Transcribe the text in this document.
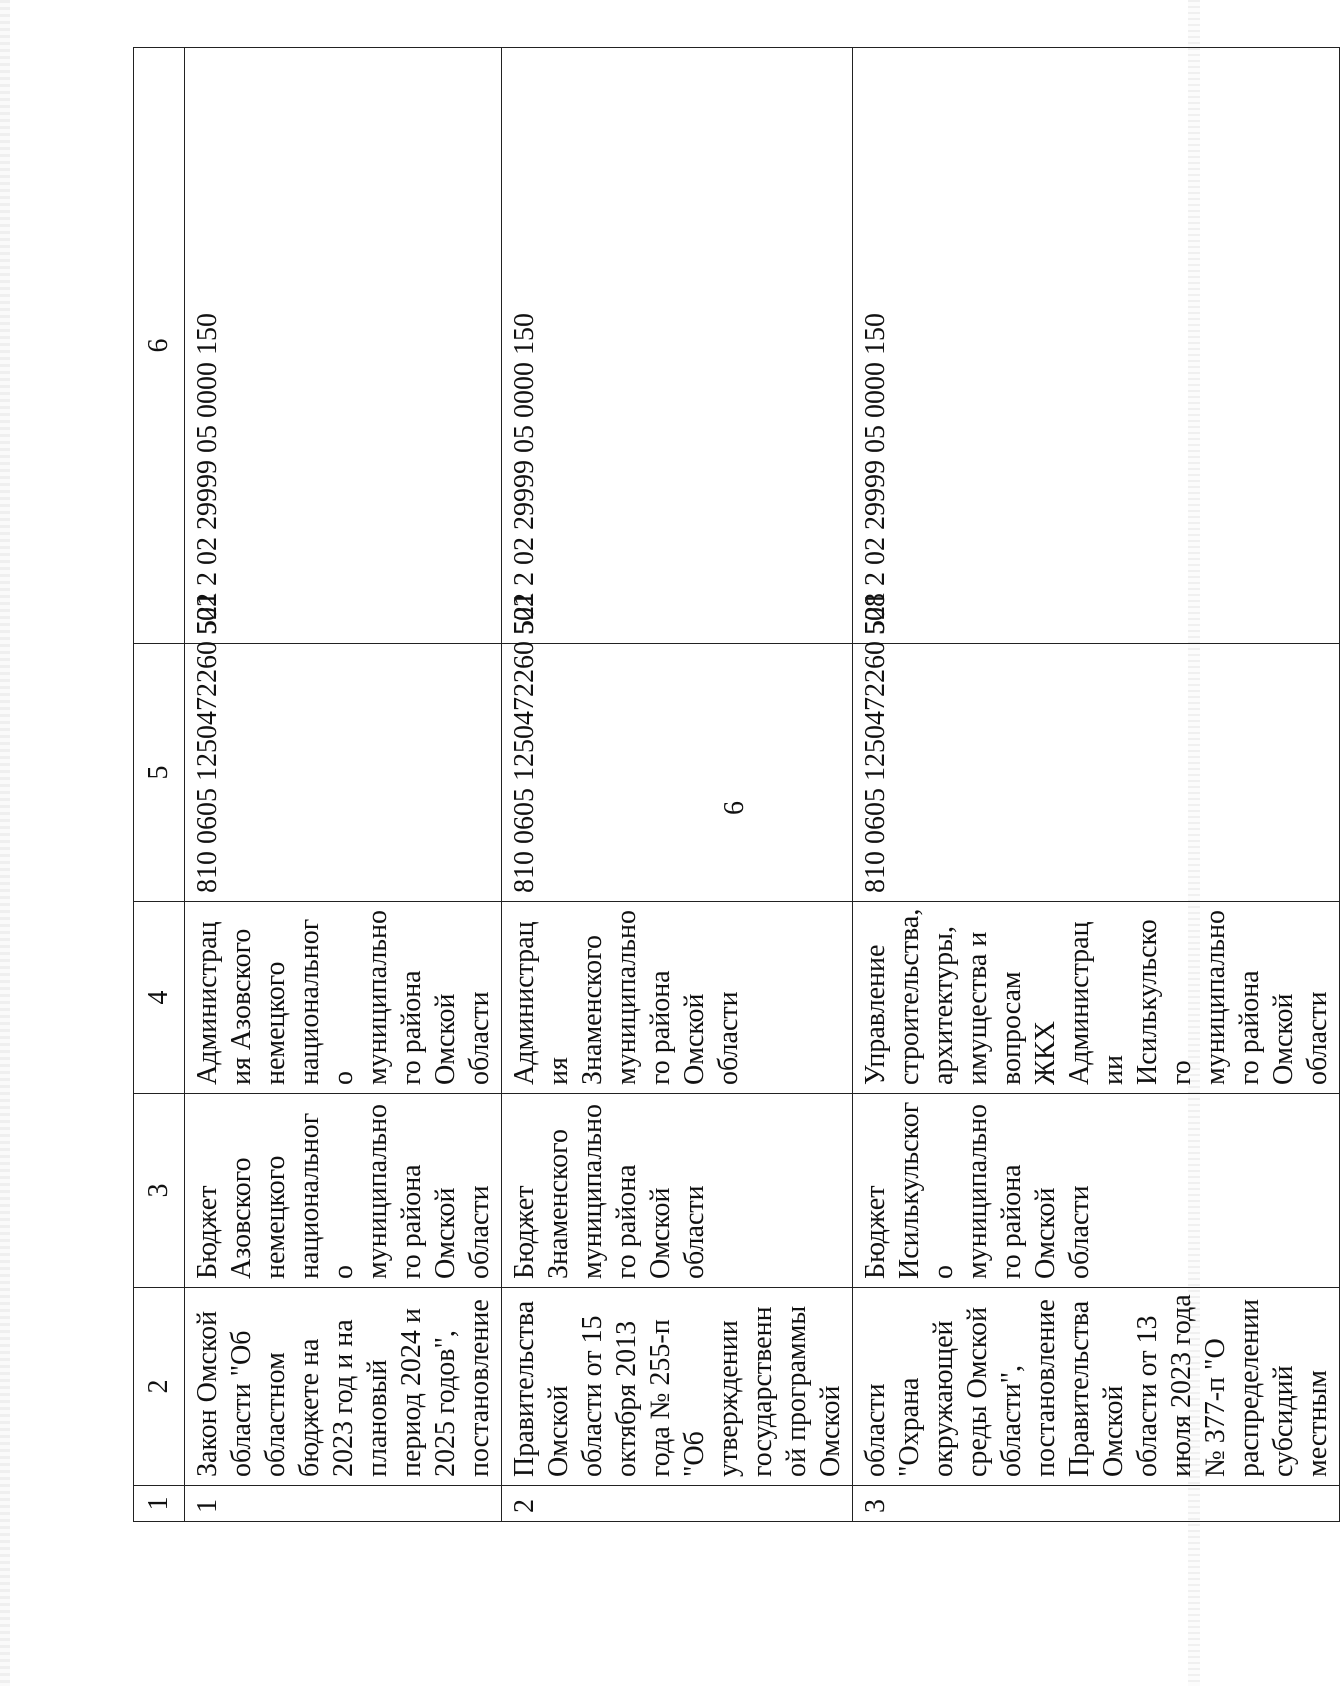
6
1	2	3	4	5	6
1	Закон Омской области "Об областном бюджете на 2023 год и на плановый период 2024 и 2025 годов", постановление	Бюджет Азовского немецкого национального муниципального района Омской области	Администрация Азовского немецкого национального муниципального района Омской области	810 0605 1250472260 521	502 2 02 29999 05 0000 150
2	Правительства Омской области от 15 октября 2013 года № 255-п "Об утверждении государственной программы Омской	Бюджет Знаменского муниципального района Омской области	Администрация Знаменского муниципального района Омской области	810 0605 1250472260 521	502 2 02 29999 05 0000 150
3	области "Охрана окружающей среды Омской области", постановление Правительства Омской области от 13 июля 2023 года № 377-п "О распределении субсидий местным	Бюджет Исилькульского муниципального района Омской области	Управление строительства, архитектуры, имущества и вопросам ЖКХ Администрации Исилькульского муниципального района Омской области	810 0605 1250472260 521	508 2 02 29999 05 0000 150
